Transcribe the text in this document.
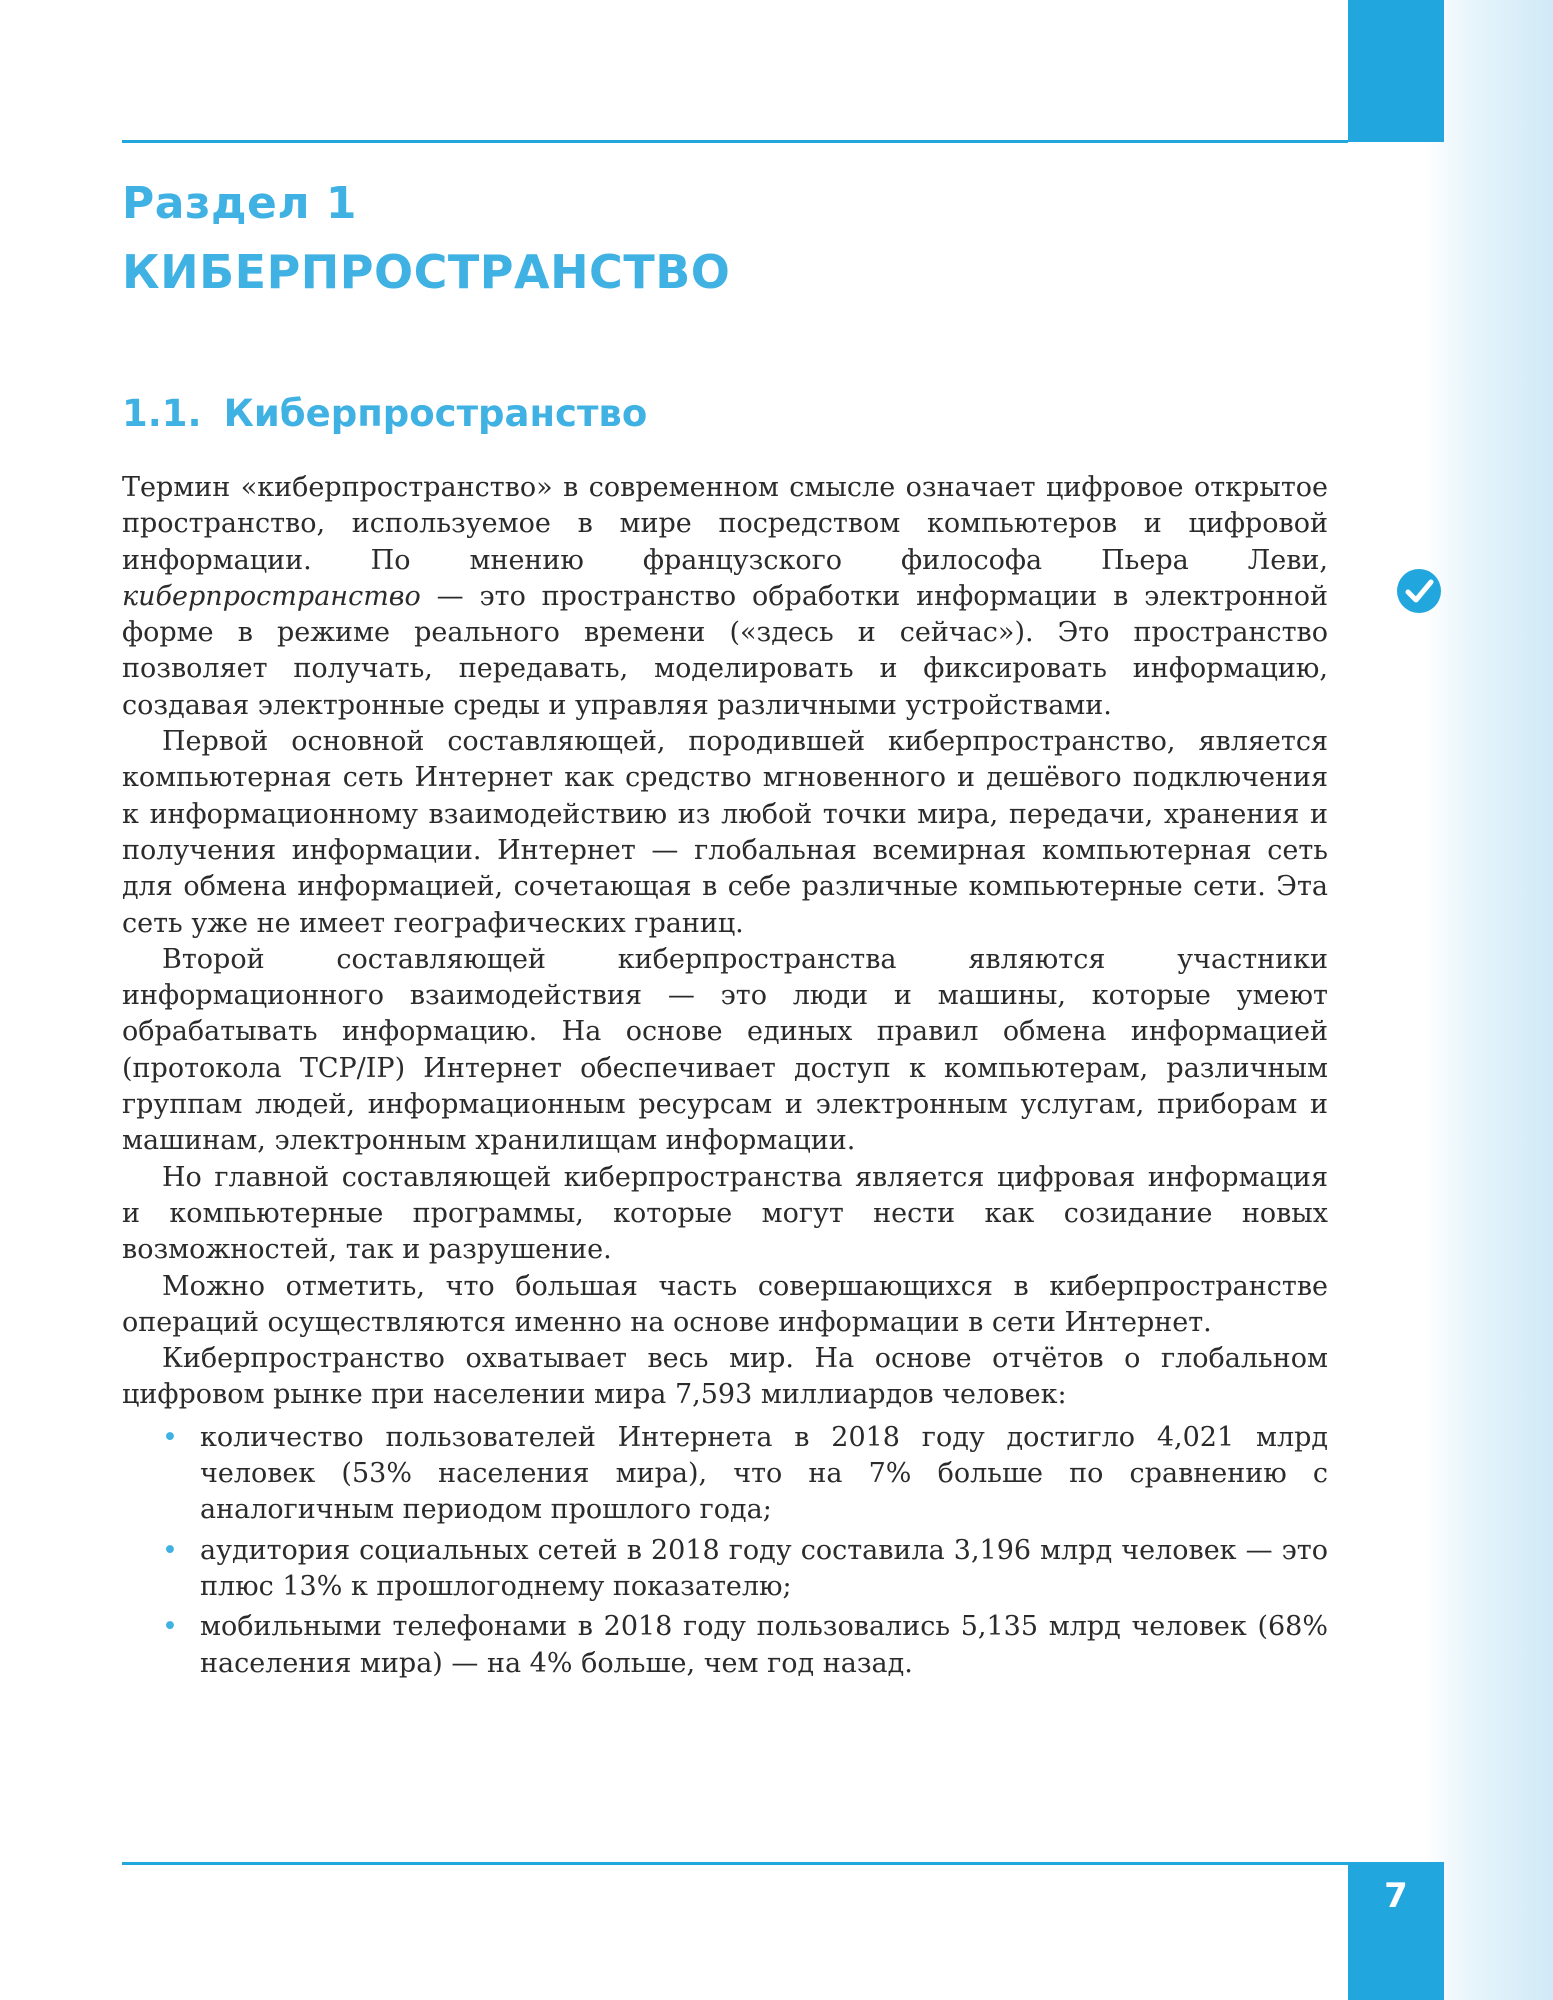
Раздел 1
КИБЕРПРОСТРАНСТВО
1.1. Киберпространство

Термин «киберпространство» в современном смысле означает цифровое открытое пространство, используемое в мире посредством компьютеров и цифровой информации. По мнению французского философа Пьера Леви, киберпространство — это пространство обработки информации в электронной форме в режиме реального времени («здесь и сейчас»). Это пространство позволяет получать, передавать, моделировать и фиксировать информацию, создавая электронные среды и управляя различными устройствами.

Первой основной составляющей, породившей киберпространство, является компьютерная сеть Интернет как средство мгновенного и дешёвого подключения к информационному взаимодействию из любой точки мира, передачи, хранения и получения информации. Интернет — глобальная всемирная компьютерная сеть для обмена информацией, сочетающая в себе различные компьютерные сети. Эта сеть уже не имеет географических границ.

Второй составляющей киберпространства являются участники информационного взаимодействия — это люди и машины, которые умеют обрабатывать информацию. На основе единых правил обмена информацией (протокола TCP/IP) Интернет обеспечивает доступ к компьютерам, различным группам людей, информационным ресурсам и электронным услугам, приборам и машинам, электронным хранилищам информации.

Но главной составляющей киберпространства является цифровая информация и компьютерные программы, которые могут нести как созидание новых возможностей, так и разрушение.

Можно отметить, что большая часть совершающихся в киберпространстве операций осуществляются именно на основе информации в сети Интернет.

Киберпространство охватывает весь мир. На основе отчётов о глобальном цифровом рынке при населении мира 7,593 миллиардов человек:

• количество пользователей Интернета в 2018 году достигло 4,021 млрд человек (53% населения мира), что на 7% больше по сравнению с аналогичным периодом прошлого года;
• аудитория социальных сетей в 2018 году составила 3,196 млрд человек — это плюс 13% к прошлогоднему показателю;
• мобильными телефонами в 2018 году пользовались 5,135 млрд человек (68% населения мира) — на 4% больше, чем год назад.
7
